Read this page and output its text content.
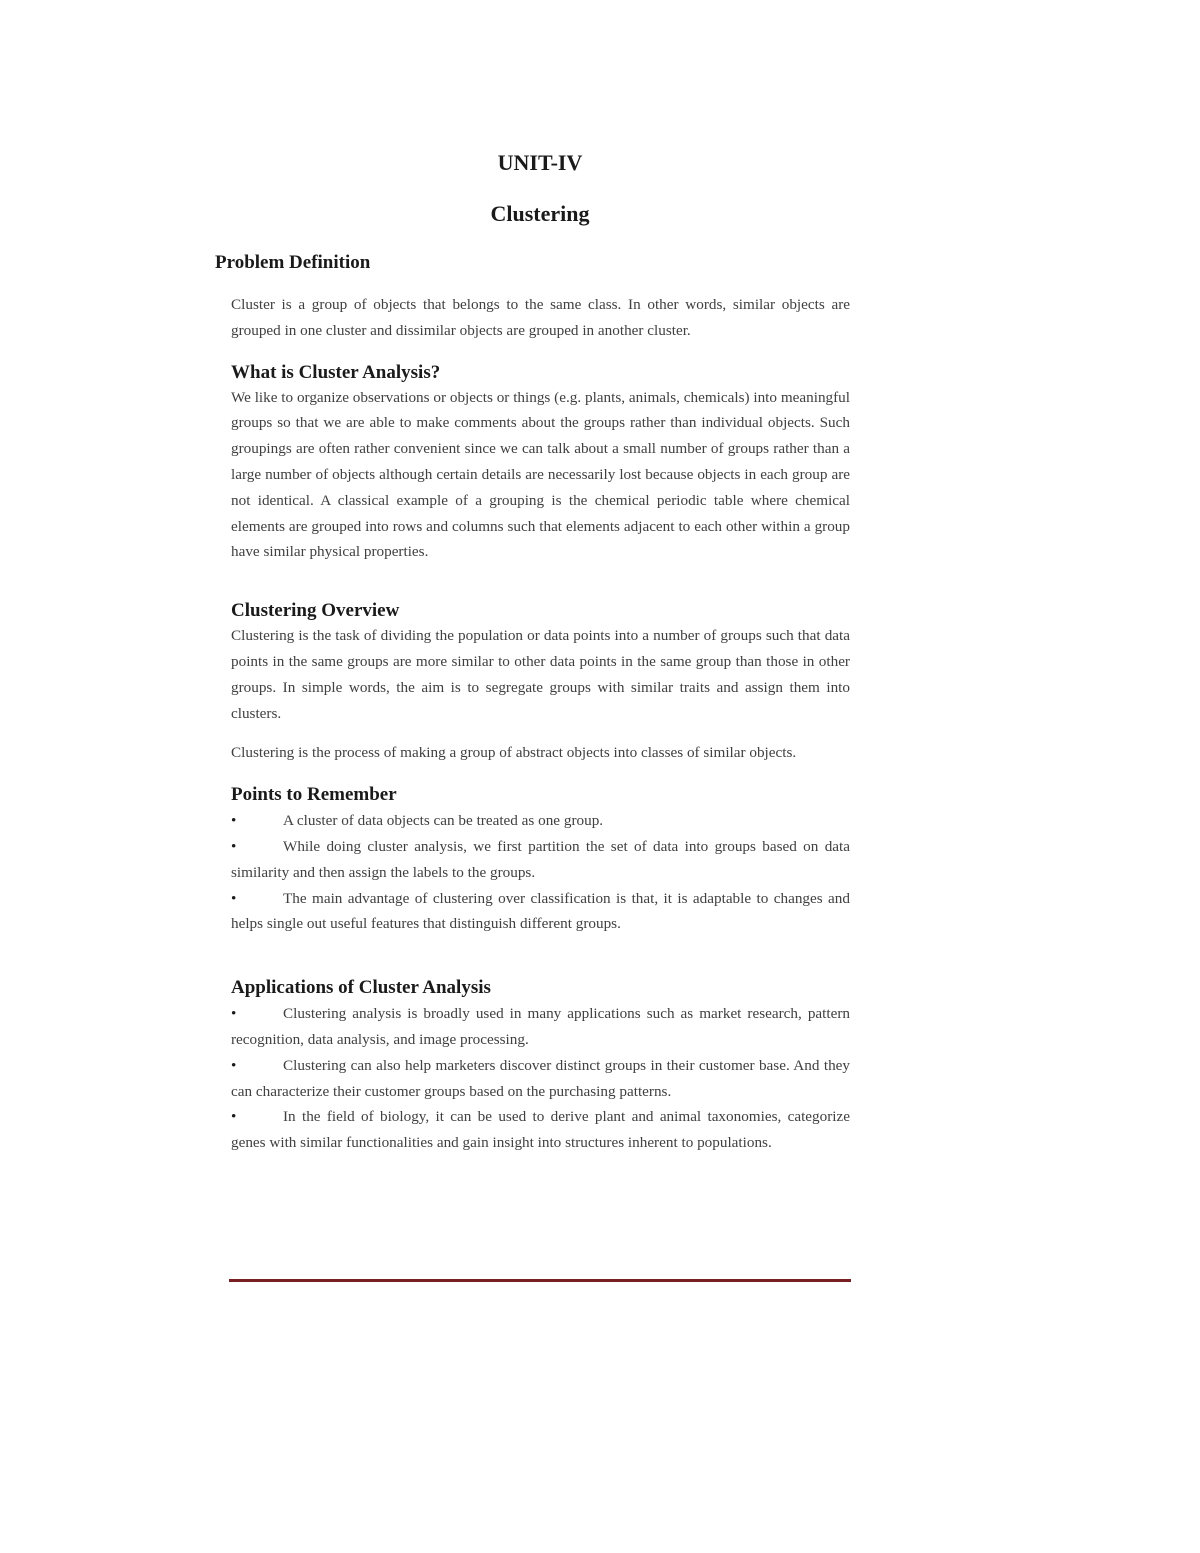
UNIT-IV
Clustering
Problem Definition

Cluster is a group of objects that belongs to the same class. In other words, similar objects are grouped in one cluster and dissimilar objects are grouped in another cluster.

What is Cluster Analysis?

We like to organize observations or objects or things (e.g. plants, animals, chemicals) into meaningful groups so that we are able to make comments about the groups rather than individual objects. Such groupings are often rather convenient since we can talk about a small number of groups rather than a large number of objects although certain details are necessarily lost because objects in each group are not identical. A classical example of a grouping is the chemical periodic table where chemical elements are grouped into rows and columns such that elements adjacent to each other within a group have similar physical properties.

Clustering Overview

Clustering is the task of dividing the population or data points into a number of groups such that data points in the same groups are more similar to other data points in the same group than those in other groups. In simple words, the aim is to segregate groups with similar traits and assign them into clusters.

Clustering is the process of making a group of abstract objects into classes of similar objects.

Points to Remember
•	A cluster of data objects can be treated as one group.
•	While doing cluster analysis, we first partition the set of data into groups based on data similarity and then assign the labels to the groups.
•	The main advantage of clustering over classification is that, it is adaptable to changes and helps single out useful features that distinguish different groups.
Applications of Cluster Analysis
•	Clustering analysis is broadly used in many applications such as market research, pattern recognition, data analysis, and image processing.
•	Clustering can also help marketers discover distinct groups in their customer base. And they can characterize their customer groups based on the purchasing patterns.
•	In the field of biology, it can be used to derive plant and animal taxonomies, categorize genes with similar functionalities and gain insight into structures inherent to populations.
